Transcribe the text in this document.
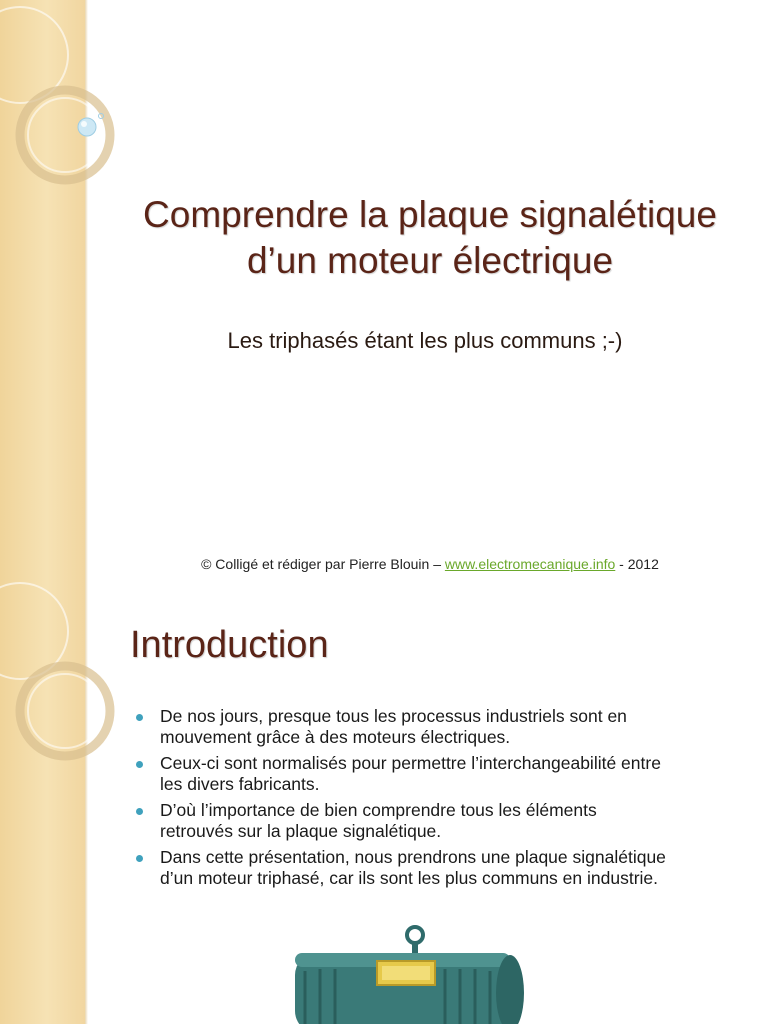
Comprendre la plaque signalétique
d’un moteur électrique
Les triphasés étant les plus communs ;-)
© Colligé et rédiger par Pierre Blouin – www.electromecanique.info - 2012
Introduction
De nos jours, presque tous les processus industriels sont en
mouvement grâce à des moteurs électriques.
Ceux-ci sont normalisés pour permettre l’interchangeabilité entre
les divers fabricants.
D’où l’importance de bien comprendre tous les éléments
retrouvés sur la plaque signalétique.
Dans cette présentation, nous prendrons une plaque signalétique
d’un moteur triphasé, car ils sont les plus communs en industrie.
